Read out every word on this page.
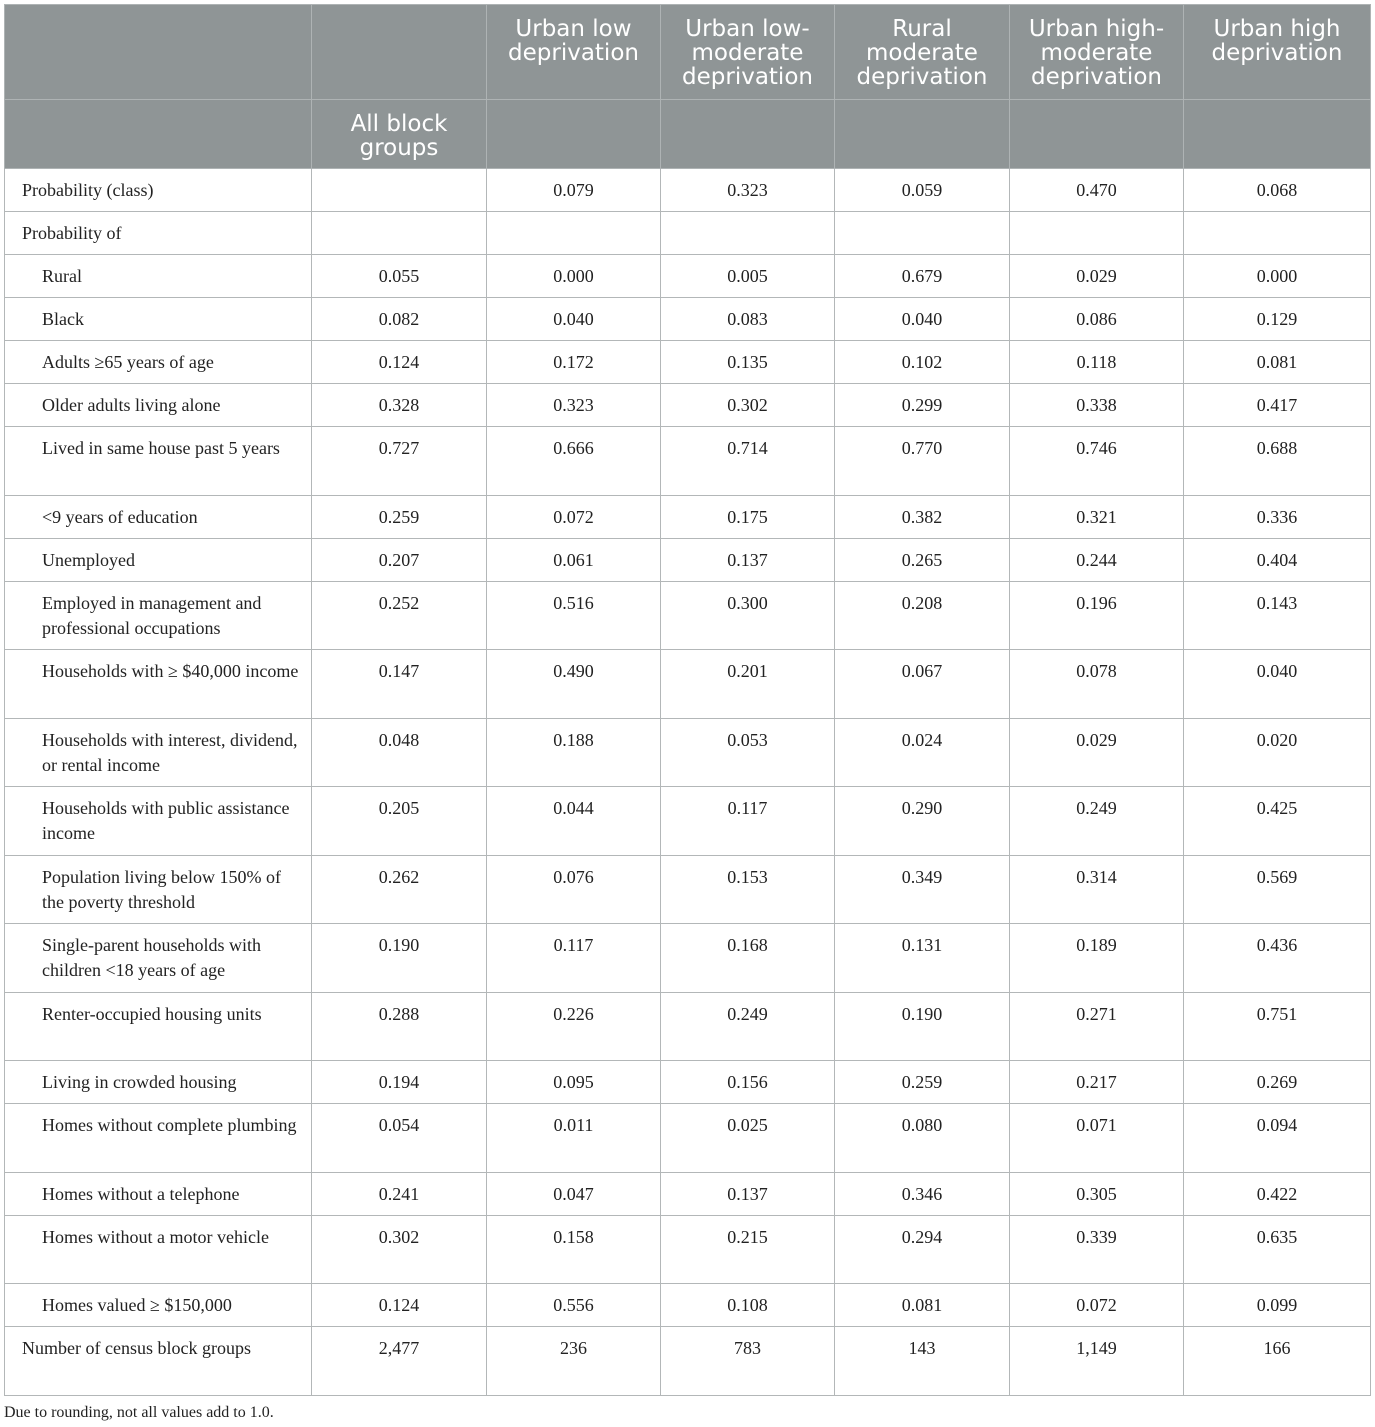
		Urban low deprivation	Urban low-moderate deprivation	Rural moderate deprivation	Urban high-moderate deprivation	Urban high deprivation
	All block groups					
Probability (class)		0.079	0.323	0.059	0.470	0.068
Probability of						
Rural	0.055	0.000	0.005	0.679	0.029	0.000
Black	0.082	0.040	0.083	0.040	0.086	0.129
Adults ≥65 years of age	0.124	0.172	0.135	0.102	0.118	0.081
Older adults living alone	0.328	0.323	0.302	0.299	0.338	0.417
Lived in same house past 5 years	0.727	0.666	0.714	0.770	0.746	0.688
<9 years of education	0.259	0.072	0.175	0.382	0.321	0.336
Unemployed	0.207	0.061	0.137	0.265	0.244	0.404
Employed in management and professional occupations	0.252	0.516	0.300	0.208	0.196	0.143
Households with ≥ $40,000 income	0.147	0.490	0.201	0.067	0.078	0.040
Households with interest, dividend, or rental income	0.048	0.188	0.053	0.024	0.029	0.020
Households with public assistance income	0.205	0.044	0.117	0.290	0.249	0.425
Population living below 150% of the poverty threshold	0.262	0.076	0.153	0.349	0.314	0.569
Single-parent households with children <18 years of age	0.190	0.117	0.168	0.131	0.189	0.436
Renter-occupied housing units	0.288	0.226	0.249	0.190	0.271	0.751
Living in crowded housing	0.194	0.095	0.156	0.259	0.217	0.269
Homes without complete plumbing	0.054	0.011	0.025	0.080	0.071	0.094
Homes without a telephone	0.241	0.047	0.137	0.346	0.305	0.422
Homes without a motor vehicle	0.302	0.158	0.215	0.294	0.339	0.635
Homes valued ≥ $150,000	0.124	0.556	0.108	0.081	0.072	0.099
Number of census block groups	2,477	236	783	143	1,149	166
Due to rounding, not all values add to 1.0.
